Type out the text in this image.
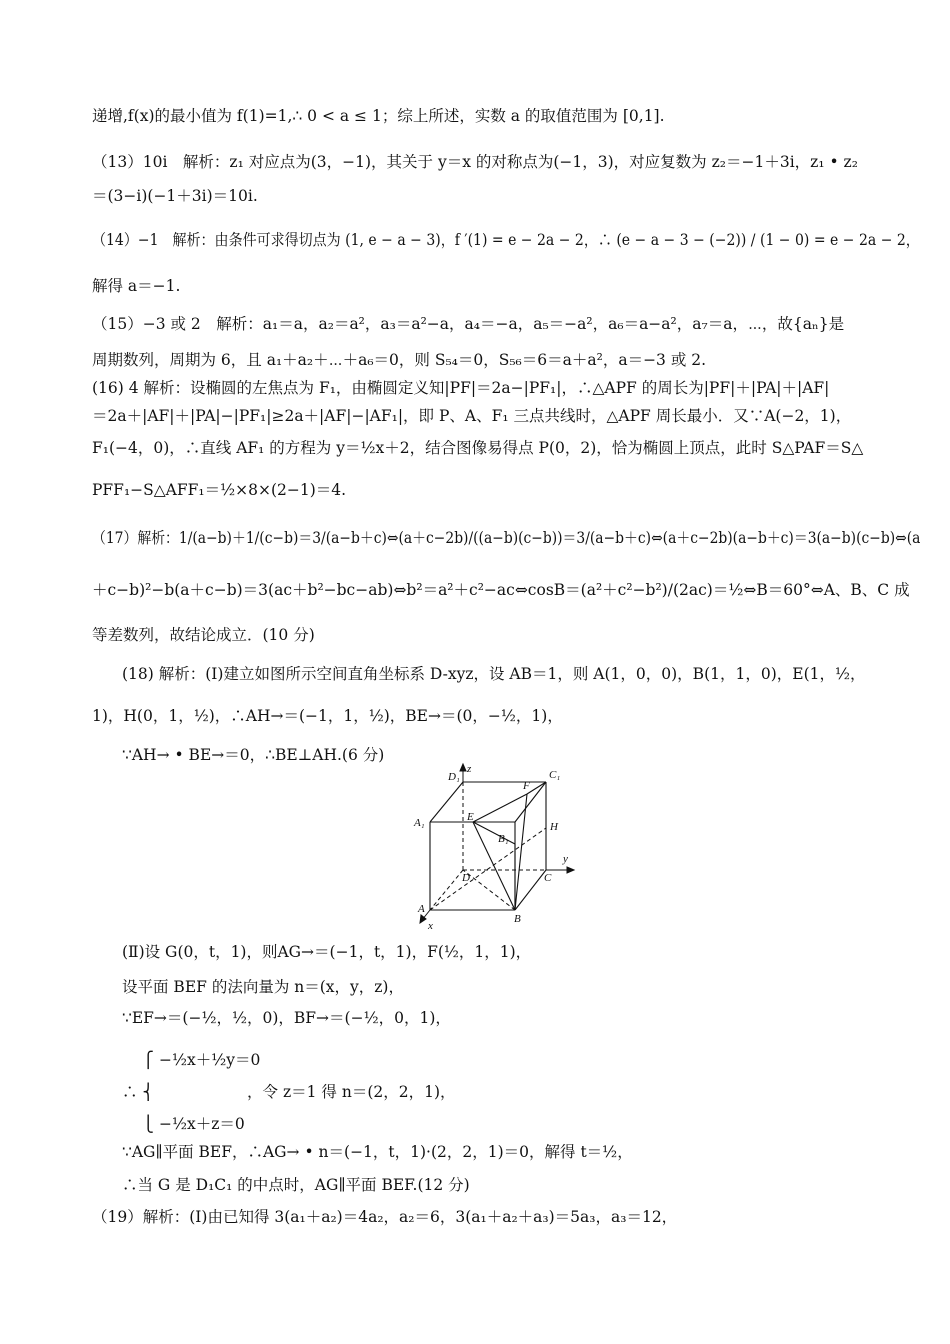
递增,f(x)的最小值为 f(1)=1,∴ 0 < a ≤ 1；综上所述，实数 a 的取值范围为 [0,1].
（13）10i　解析：z₁ 对应点为(3，−1)，其关于 y＝x 的对称点为(−1，3)，对应复数为 z₂＝−1＋3i，z₁ • z₂
＝(3−i)(−1＋3i)＝10i.
（14）−1　解析：由条件可求得切点为 (1, e − a − 3)，f ′(1) = e − 2a − 2，∴ (e − a − 3 − (−2)) / (1 − 0) = e − 2a − 2，
解得 a＝−1.
（15）−3 或 2　解析：a₁＝a，a₂＝a²，a₃＝a²−a，a₄＝−a，a₅＝−a²，a₆＝a−a²，a₇＝a，⋯，故{aₙ}是
周期数列，周期为 6，且 a₁＋a₂＋⋯＋a₆＝0，则 S₅₄＝0，S₅₆＝6＝a＋a²，a＝−3 或 2.
(16) 4 解析：设椭圆的左焦点为 F₁，由椭圆定义知|PF|＝2a−|PF₁|，∴△APF 的周长为|PF|＋|PA|＋|AF|
＝2a＋|AF|＋|PA|−|PF₁|≥2a＋|AF|−|AF₁|，即 P、A、F₁ 三点共线时，△APF 周长最小．又∵A(−2，1)，
F₁(−4，0)，∴直线 AF₁ 的方程为 y＝½x＋2，结合图像易得点 P(0，2)，恰为椭圆上顶点，此时 S△PAF＝S△
PFF₁−S△AFF₁＝½×8×(2−1)＝4.
（17）解析：1/(a−b)＋1/(c−b)＝3/(a−b＋c)⇔(a＋c−2b)/((a−b)(c−b))＝3/(a−b＋c)⇔(a＋c−2b)(a−b＋c)＝3(a−b)(c−b)⇔(a
＋c−b)²−b(a＋c−b)＝3(ac＋b²−bc−ab)⇔b²＝a²＋c²−ac⇔cosB＝(a²＋c²−b²)/(2ac)＝½⇔B＝60°⇔A、B、C 成
等差数列，故结论成立．(10 分)
(18) 解析：(Ⅰ)建立如图所示空间直角坐标系 D-xyz，设 AB＝1，则 A(1，0，0)，B(1，1，0)，E(1，½，
1)，H(0，1，½)，∴AH→＝(−1，1，½)，BE→＝(0，−½，1)，
∵AH→ • BE→＝0，∴BE⊥AH.(6 分)
(Ⅱ)设 G(0，t，1)，则AG→＝(−1，t，1)，F(½，1，1)，
设平面 BEF 的法向量为 n＝(x，y，z)，
∵EF→＝(−½，½，0)，BF→＝(−½，0，1)，
　 ⎧ −½x＋½y＝0
∴ ⎨　　　　　　，令 z＝1 得 n＝(2，2，1)，
　 ⎩ −½x＋z＝0
∵AG∥平面 BEF，∴AG→ • n＝(−1，t，1)·(2，2，1)＝0，解得 t＝½，
∴当 G 是 D₁C₁ 的中点时，AG∥平面 BEF.(12 分)
（19）解析：(Ⅰ)由已知得 3(a₁＋a₂)＝4a₂，a₂＝6，3(a₁＋a₂＋a₃)＝5a₃，a₃＝12，
D₁
z	C₁
F
E
A₁
B₁
H
y
D	C
A
B
x
